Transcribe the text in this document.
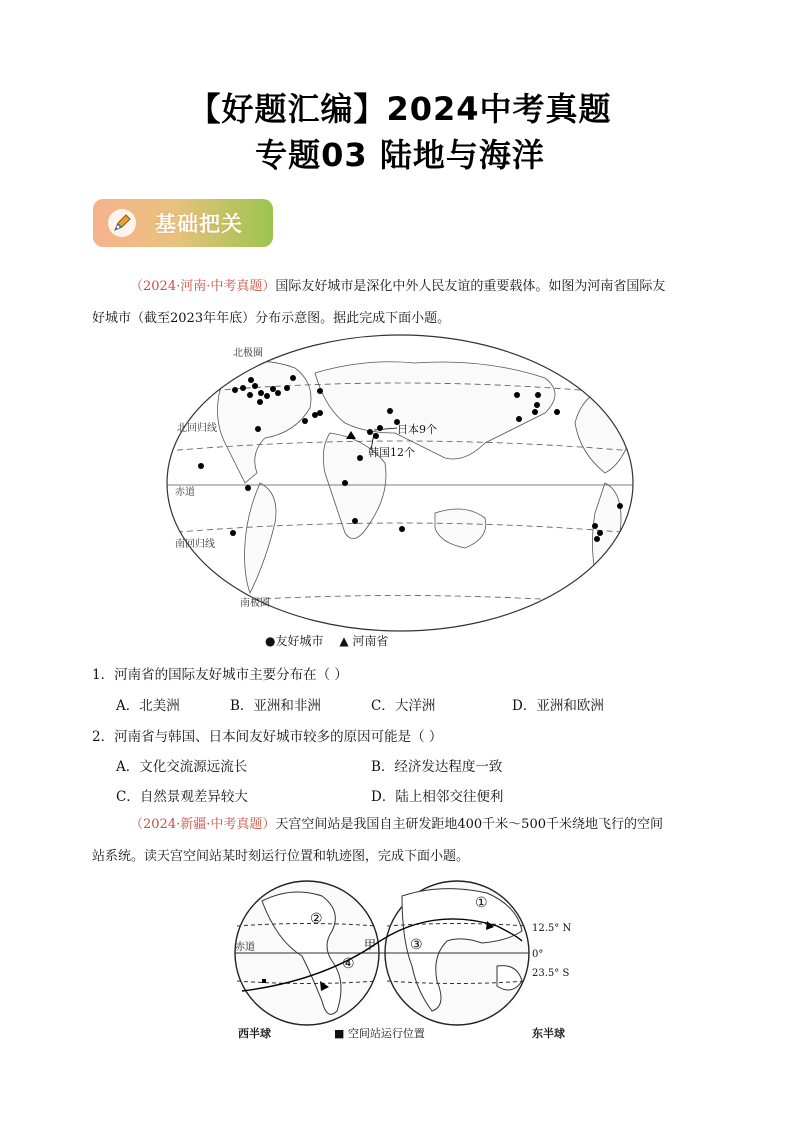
【好题汇编】2024中考真题
专题03 陆地与海洋
基础把关
（2024·河南·中考真题）国际友好城市是深化中外人民友谊的重要载体。如图为河南省国际友
好城市（截至2023年年底）分布示意图。据此完成下面小题。
北极圈
北回归线
赤道
南回归线
南极圈
日本9个
韩国12个
●友好城市 ▲ 河南省
1．河南省的国际友好城市主要分布在（ ）
A．北美洲	B．亚洲和非洲	C．大洋洲	D．亚洲和欧洲
2．河南省与韩国、日本间友好城市较多的原因可能是（ ）
A．文化交流源远流长	B．经济发达程度一致
C．自然景观差异较大	D．陆上相邻交往便利
（2024·新疆·中考真题）天宫空间站是我国自主研发距地400千米～500千米绕地飞行的空间
站系统。读天宫空间站某时刻运行位置和轨迹图，完成下面小题。
赤道	甲
②
④
③
①
12.5° N
0°
23.5° S
西半球	■ 空间站运行位置	东半球
